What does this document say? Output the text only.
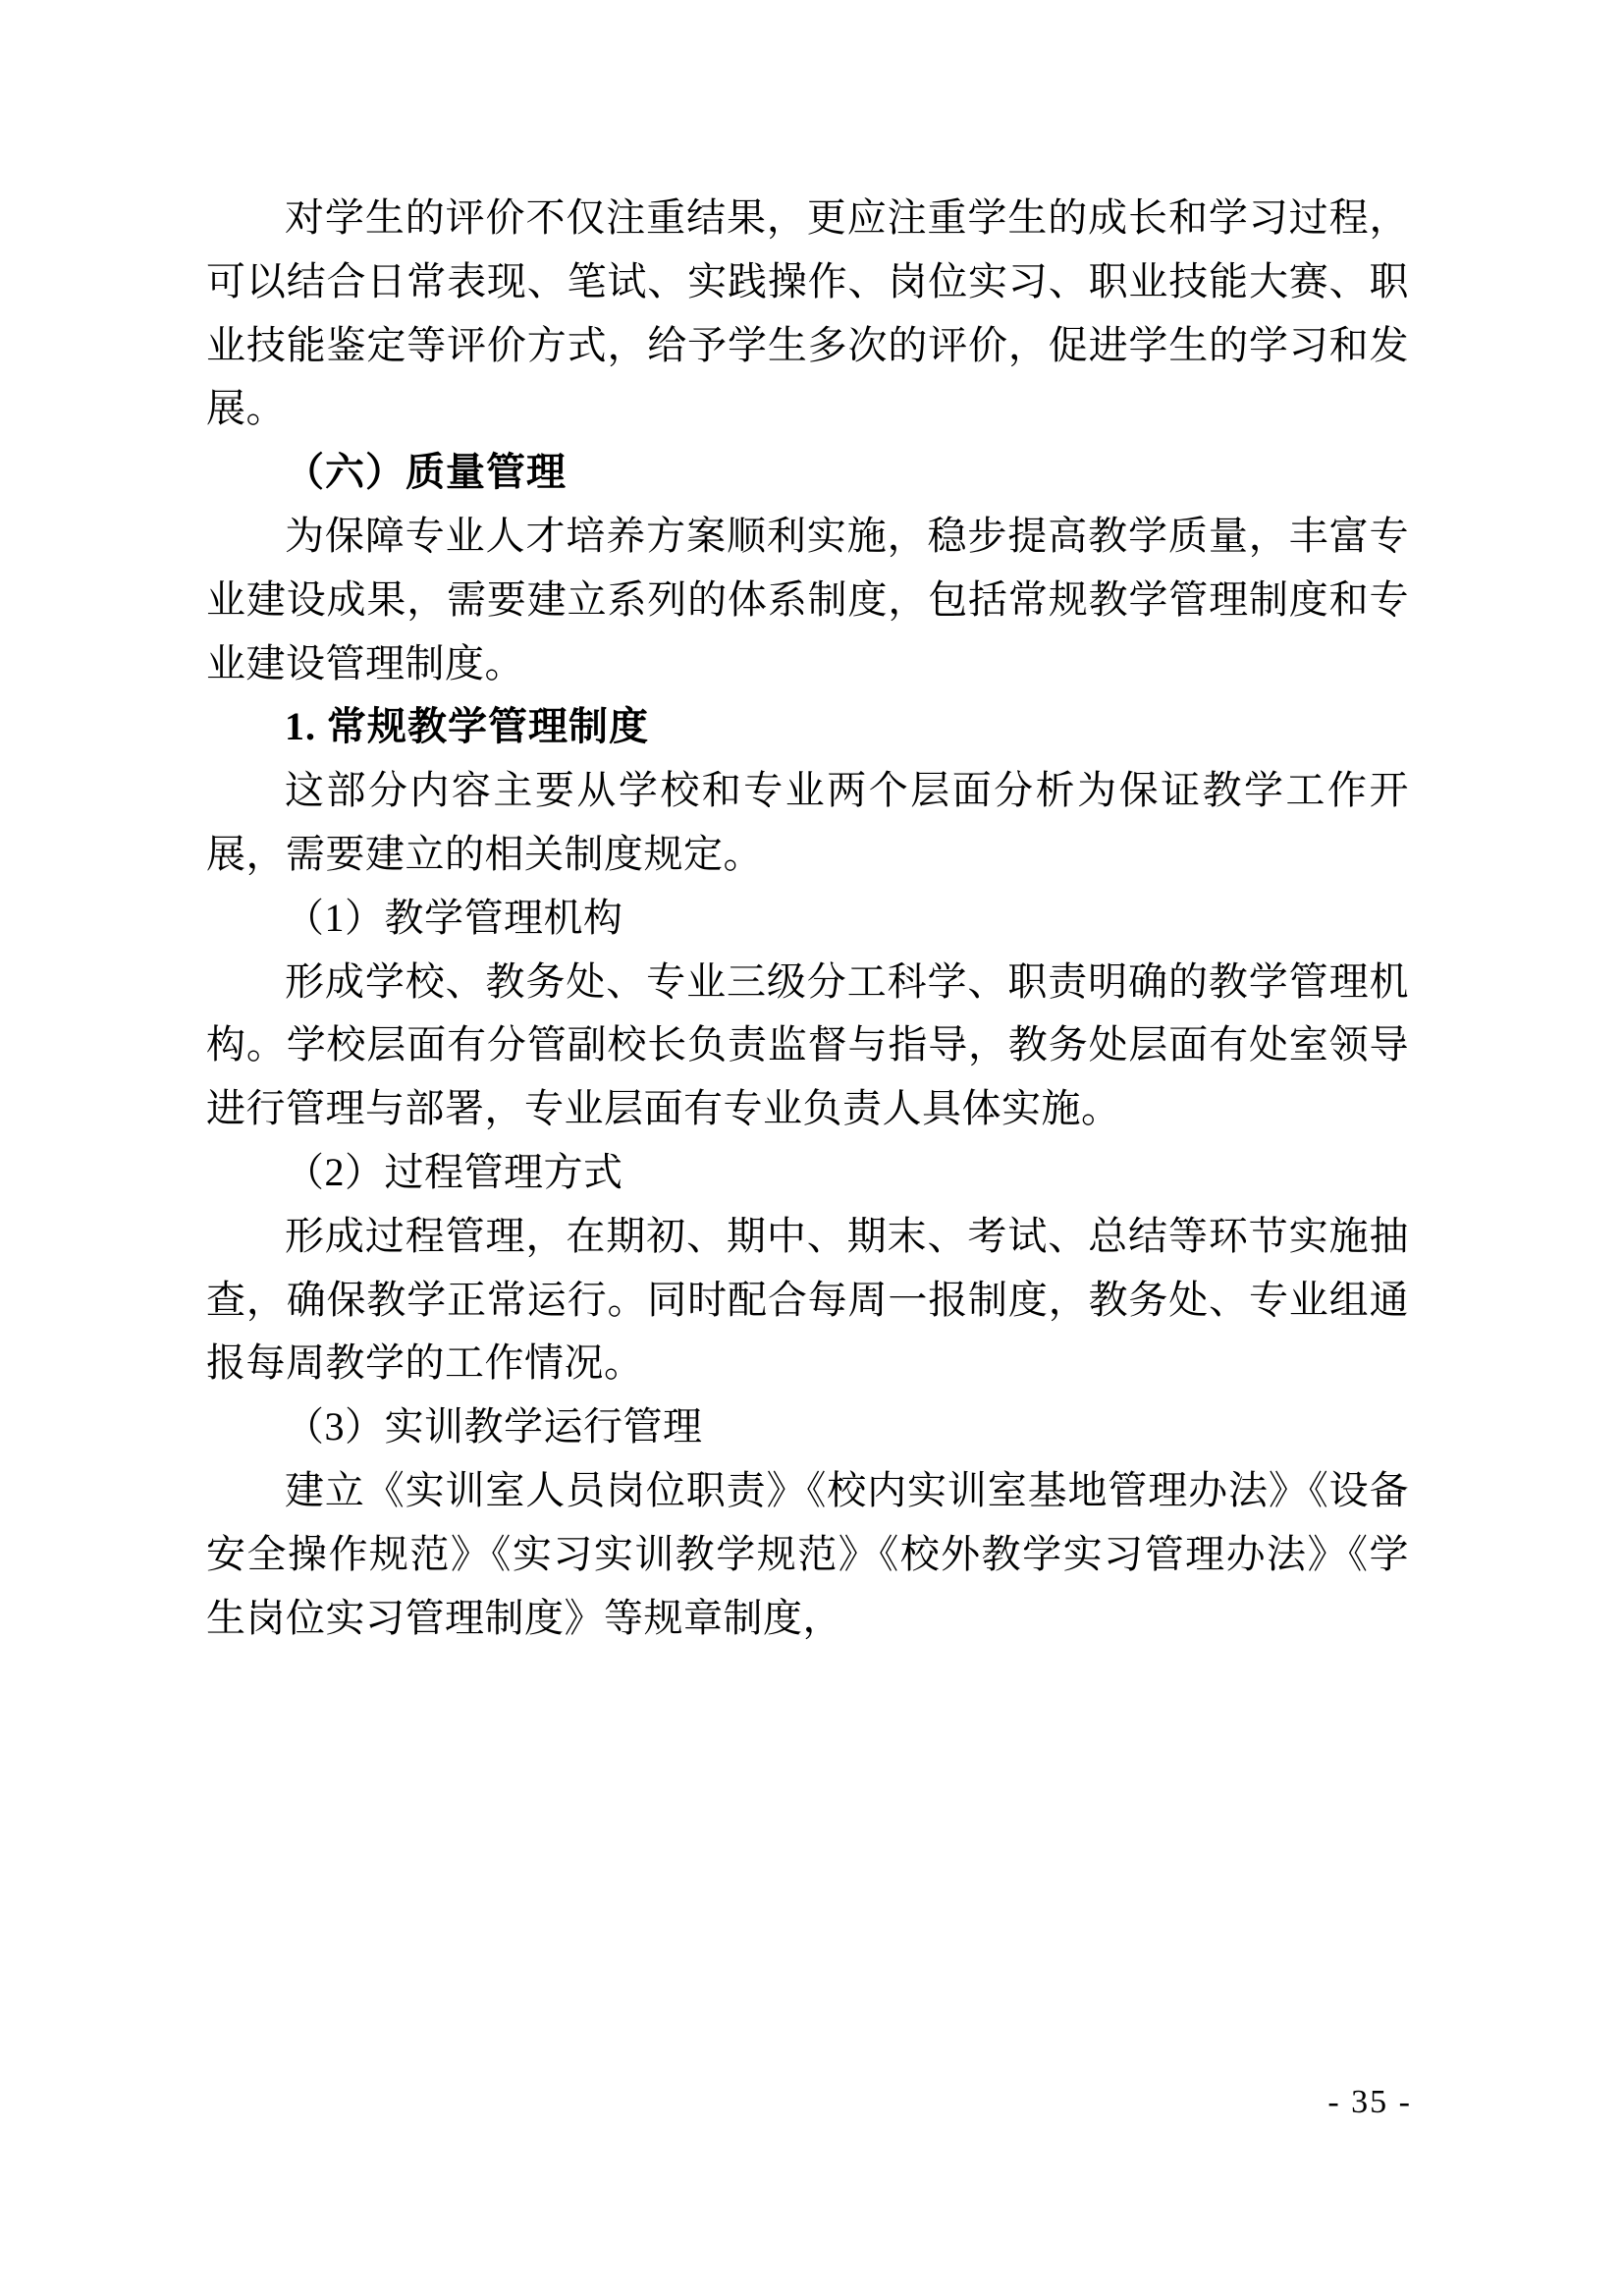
对学生的评价不仅注重结果，更应注重学生的成长和学习过程，可以结合日常表现、笔试、实践操作、岗位实习、职业技能大赛、职业技能鉴定等评价方式，给予学生多次的评价，促进学生的学习和发展。

（六）质量管理

为保障专业人才培养方案顺利实施，稳步提高教学质量，丰富专业建设成果，需要建立系列的体系制度，包括常规教学管理制度和专业建设管理制度。

1. 常规教学管理制度

这部分内容主要从学校和专业两个层面分析为保证教学工作开展，需要建立的相关制度规定。

（1）教学管理机构

形成学校、教务处、专业三级分工科学、职责明确的教学管理机构。学校层面有分管副校长负责监督与指导，教务处层面有处室领导进行管理与部署，专业层面有专业负责人具体实施。

（2）过程管理方式

形成过程管理，在期初、期中、期末、考试、总结等环节实施抽查，确保教学正常运行。同时配合每周一报制度，教务处、专业组通报每周教学的工作情况。

（3）实训教学运行管理

建立《实训室人员岗位职责》《校内实训室基地管理办法》《设备安全操作规范》《实习实训教学规范》《校外教学实习管理办法》《学生岗位实习管理制度》等规章制度，

- 35 -
